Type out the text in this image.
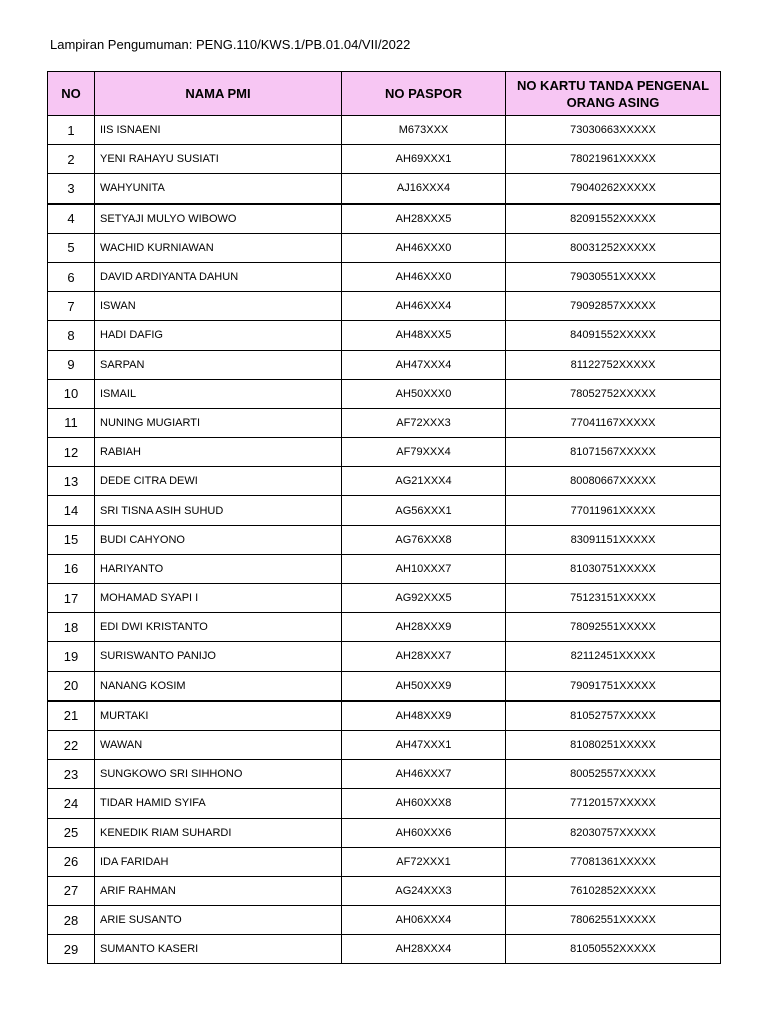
Lampiran Pengumuman: PENG.110/KWS.1/PB.01.04/VII/2022
NO	NAMA PMI	NO PASPOR	NO KARTU TANDA PENGENAL ORANG ASING
1	IIS ISNAENI	M673XXX	73030663XXXXX
2	YENI RAHAYU SUSIATI	AH69XXX1	78021961XXXXX
3	WAHYUNITA	AJ16XXX4	79040262XXXXX
4	SETYAJI MULYO WIBOWO	AH28XXX5	82091552XXXXX
5	WACHID KURNIAWAN	AH46XXX0	80031252XXXXX
6	DAVID ARDIYANTA DAHUN	AH46XXX0	79030551XXXXX
7	ISWAN	AH46XXX4	79092857XXXXX
8	HADI DAFIG	AH48XXX5	84091552XXXXX
9	SARPAN	AH47XXX4	81122752XXXXX
10	ISMAIL	AH50XXX0	78052752XXXXX
11	NUNING MUGIARTI	AF72XXX3	77041167XXXXX
12	RABIAH	AF79XXX4	81071567XXXXX
13	DEDE CITRA DEWI	AG21XXX4	80080667XXXXX
14	SRI TISNA ASIH SUHUD	AG56XXX1	77011961XXXXX
15	BUDI CAHYONO	AG76XXX8	83091151XXXXX
16	HARIYANTO	AH10XXX7	81030751XXXXX
17	MOHAMAD SYAPI I	AG92XXX5	75123151XXXXX
18	EDI DWI KRISTANTO	AH28XXX9	78092551XXXXX
19	SURISWANTO PANIJO	AH28XXX7	82112451XXXXX
20	NANANG KOSIM	AH50XXX9	79091751XXXXX
21	MURTAKI	AH48XXX9	81052757XXXXX
22	WAWAN	AH47XXX1	81080251XXXXX
23	SUNGKOWO SRI SIHHONO	AH46XXX7	80052557XXXXX
24	TIDAR HAMID SYIFA	AH60XXX8	77120157XXXXX
25	KENEDIK RIAM SUHARDI	AH60XXX6	82030757XXXXX
26	IDA FARIDAH	AF72XXX1	77081361XXXXX
27	ARIF RAHMAN	AG24XXX3	76102852XXXXX
28	ARIE SUSANTO	AH06XXX4	78062551XXXXX
29	SUMANTO KASERI	AH28XXX4	81050552XXXXX
